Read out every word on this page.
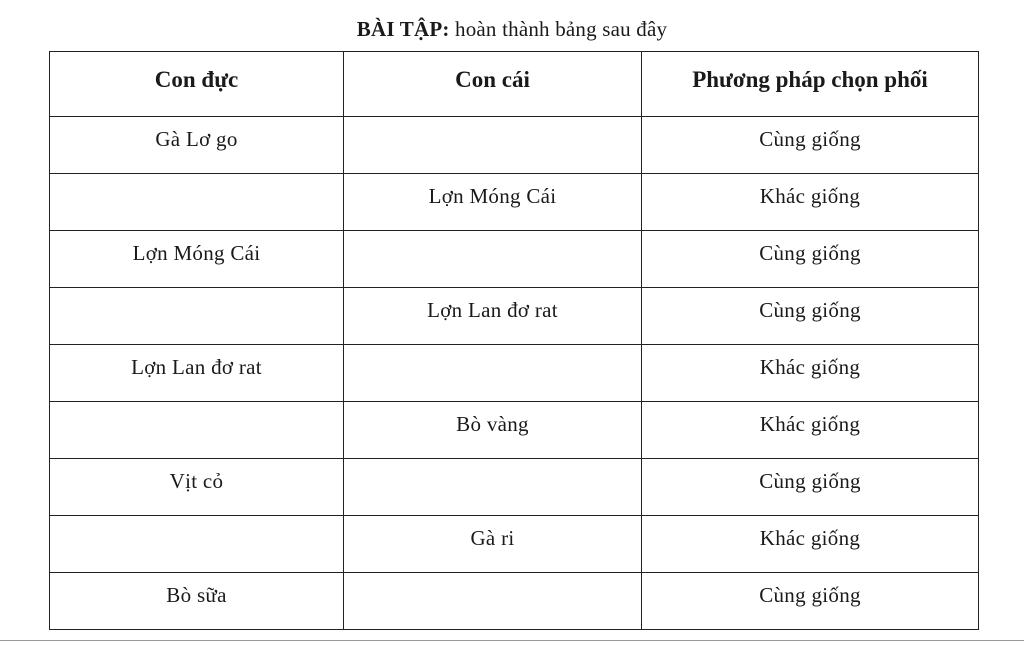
BÀI TẬP: hoàn thành bảng sau đây
Con đực	Con cái	Phương pháp chọn phối
Gà Lơ go		Cùng giống
	Lợn Móng Cái	Khác giống
Lợn Móng Cái		Cùng giống
	Lợn Lan đơ rat	Cùng giống
Lợn Lan đơ rat		Khác giống
	Bò vàng	Khác giống
Vịt cỏ		Cùng giống
	Gà ri	Khác giống
Bò sữa		Cùng giống
